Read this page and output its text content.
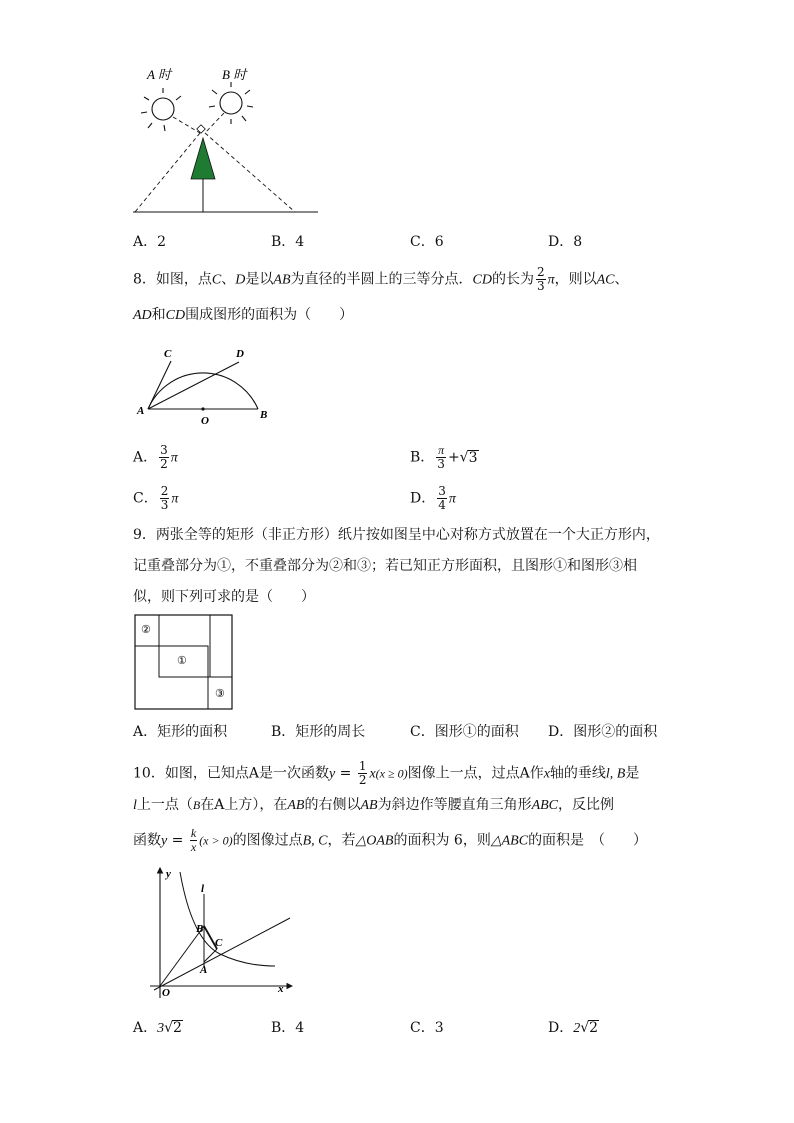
A 时	B 时
A．2	B．4	C．6	D．8
8．如图，点C、D是以AB为直径的半圆上的三等分点．CD的长为 $\frac{2}{3}$ π，则以AC、
AD和CD围成图形的面积为（　　）
C	D
A
O	B
A． $\frac{3}{2}$ π	B． $\frac{\pi}{3} +√3$
C． $\frac{2}{3}$ π	D． $\frac{3}{4}$ π
9．两张全等的矩形（非正方形）纸片按如图呈中心对称方式放置在一个大正方形内，
记重叠部分为①，不重叠部分为②和③；若已知正方形面积，且图形①和图形③相
似，则下列可求的是（　　）
②
①
③
A．矩形的面积	B．矩形的周长	C．图形①的面积 D．图形②的面积
10．如图，已知点A是一次函数$y = \frac{1}{2} x(x \ge 0)$图像上一点，过点A作x轴的垂线l, B是
l上一点（B在A上方），在AB的右侧以AB为斜边作等腰直角三角形ABC，反比例
函数$y = \frac{k}{x} (x > 0)$的图像过点B, C，若△OAB的面积为 6，则△ABC的面积是　（　　）
y
l
B
C
A
O	x
A．3√2	B．4	C．3	D．2√2
